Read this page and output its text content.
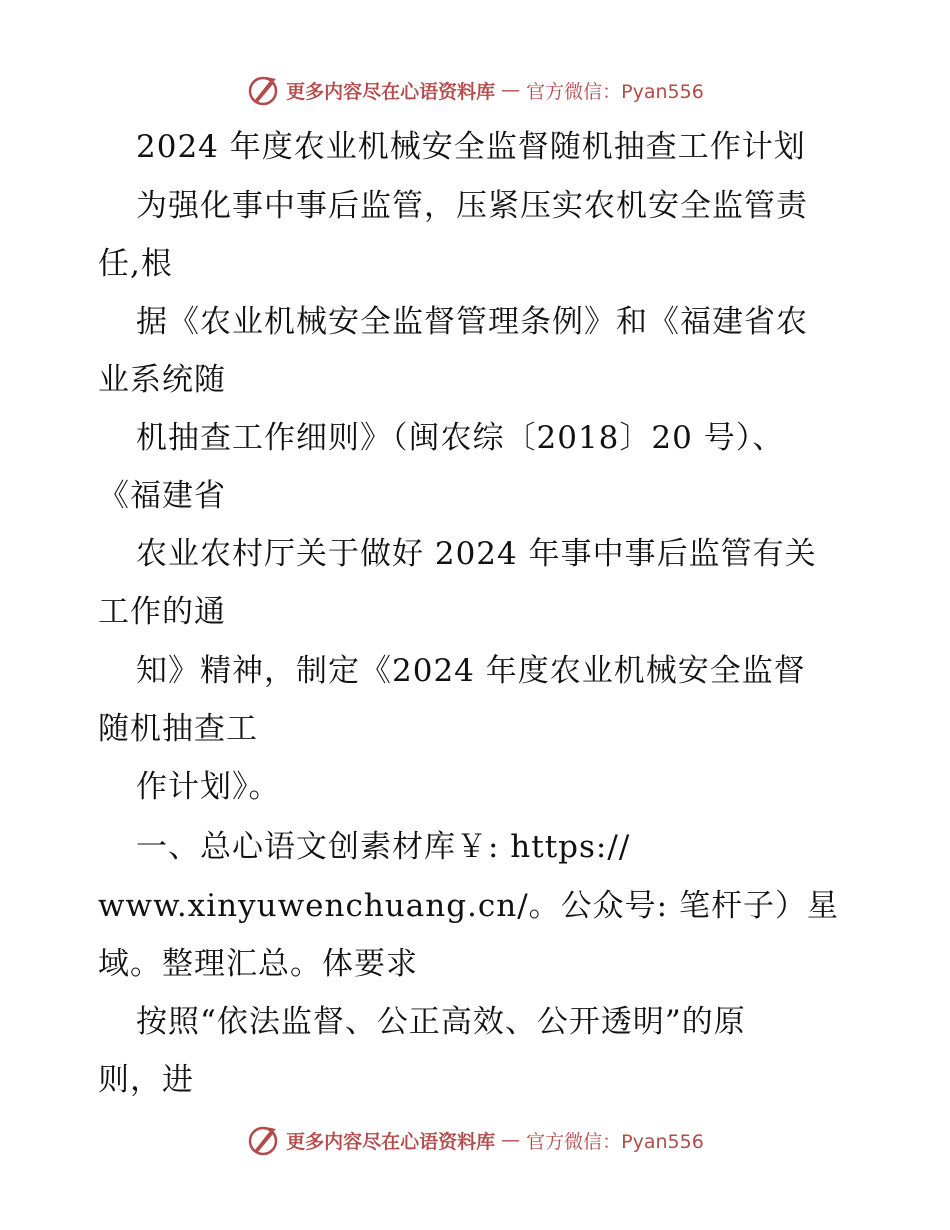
更多内容尽在心语资料库 — 官方微信：Pyan556
2024 年度农业机械安全监督随机抽查工作计划
为强化事中事后监管，压紧压实农机安全监管责
任,根
据《农业机械安全监督管理条例》和《福建省农
业系统随
机抽查工作细则》（闽农综〔2018〕20 号）、
《福建省
农业农村厅关于做好 2024 年事中事后监管有关
工作的通
知》精神，制定《2024 年度农业机械安全监督
随机抽查工
作计划》。
一、总心语文创素材库￥: https://
www.xinyuwenchuang.cn/。公众号: 笔杆子）星
域。整理汇总。体要求
按照“依法监督、公正高效、公开透明”的原
则，进
更多内容尽在心语资料库 — 官方微信：Pyan556
